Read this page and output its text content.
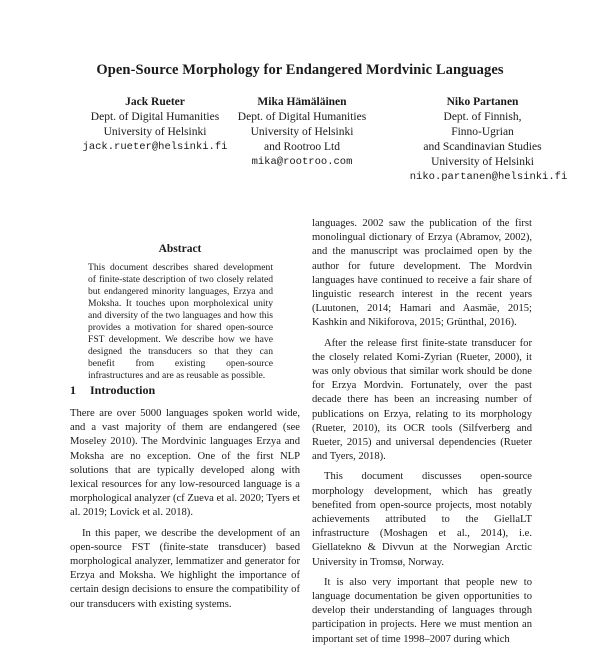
Open-Source Morphology for Endangered Mordvinic Languages
Jack Rueter
Dept. of Digital Humanities
University of Helsinki
jack.rueter@helsinki.fi
Mika Hämäläinen
Dept. of Digital Humanities
University of Helsinki
and Rootroo Ltd
mika@rootroo.com
Niko Partanen
Dept. of Finnish,
Finno-Ugrian
and Scandinavian Studies
University of Helsinki
niko.partanen@helsinki.fi
Abstract
This document describes shared development of finite-state description of two closely related but endangered minority languages, Erzya and Moksha. It touches upon morpholexical unity and diversity of the two languages and how this provides a motivation for shared open-source FST development. We describe how we have designed the transducers so that they can benefit from existing open-source infrastructures and are as reusable as possible.
1 Introduction

There are over 5000 languages spoken world wide, and a vast majority of them are endangered (see Moseley 2010). The Mordvinic languages Erzya and Moksha are no exception. One of the first NLP solutions that are typically developed along with lexical resources for any low-resourced language is a morphological analyzer (cf Zueva et al. 2020; Tyers et al. 2019; Lovick et al. 2018).

In this paper, we describe the development of an open-source FST (finite-state transducer) based morphological analyzer, lemmatizer and generator for Erzya and Moksha. We highlight the importance of certain design decisions to ensure the compatibility of our transducers with existing systems.

languages. 2002 saw the publication of the first monolingual dictionary of Erzya (Abramov, 2002), and the manuscript was proclaimed open by the author for future development. The Mordvin languages have continued to receive a fair share of linguistic research interest in the recent years (Luutonen, 2014; Hamari and Aasmäe, 2015; Kashkin and Nikiforova, 2015; Grünthal, 2016).

After the release first finite-state transducer for the closely related Komi-Zyrian (Rueter, 2000), it was only obvious that similar work should be done for Erzya Mordvin. Fortunately, over the past decade there has been an increasing number of publications on Erzya, relating to its morphology (Rueter, 2010), its OCR tools (Silfverberg and Rueter, 2015) and universal dependencies (Rueter and Tyers, 2018).

This document discusses open-source morphology development, which has greatly benefited from open-source projects, most notably achievements attributed to the GiellaLT infrastructure (Moshagen et al., 2014), i.e. Giellatekno & Divvun at the Norwegian Arctic University in Tromsø, Norway.

It is also very important that people new to language documentation be given opportunities to develop their understanding of languages through participation in projects. Here we must mention an important set of time 1998–2007 during which
